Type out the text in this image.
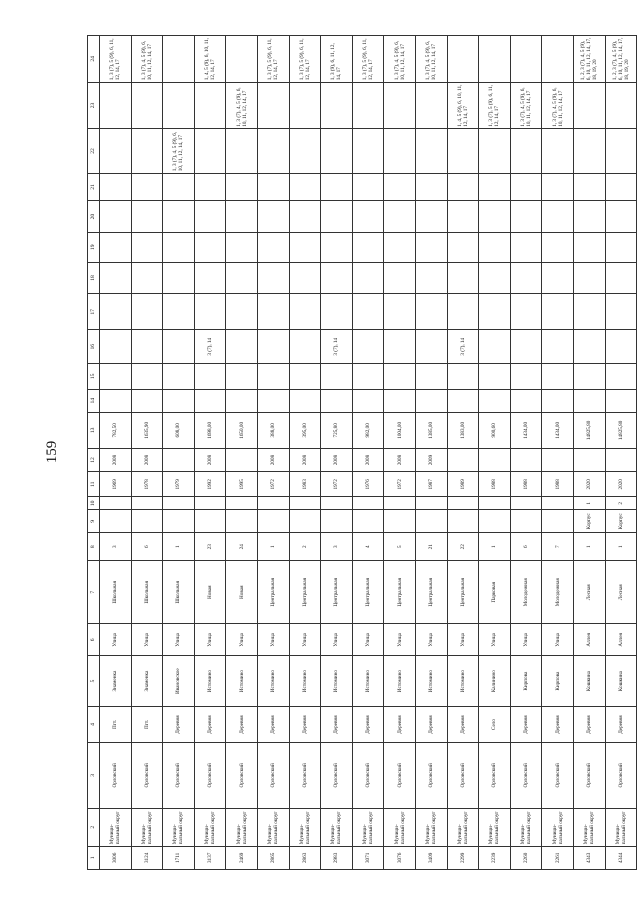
159
1	2	3	4	5	6	7	8	9	10	11	12	13	14	15	16	17	18	19	20	21	22	23	24
3006	Муници-пальный округ	Орловский	Пгт.	Знаменка	Улица	Школьная	3			1969	2008	782,50											1, 3 (7), 5 (9), 6, 11, 12, 14, 17
3124	Муници-пальный округ	Орловский	Пгт.	Знаменка	Улица	Школьная	6			1978	2008	1635,90											1, 3 (7), 4, 5 (9), 6, 10, 11, 12, 14, 17
1711	Муници-пальный округ	Орловский	Деревня	Ивановское	Улица	Школьная	1			1979		608,00									1, 3 (7), 4, 5 (9), 6, 10, 11, 12, 14, 17		
3137	Муници-пальный округ	Орловский	Деревня	Истомино	Улица	Новая	23			1992	2008	1698,00			3 (7), 14								1, 4, 5 (9), 6, 10, 11, 12, 14, 17
2469	Муници-пальный округ	Орловский	Деревня	Истомино	Улица	Новая	24			1995		1650,00										1, 3 (7), 4, 5 (9), 6, 10, 11, 12, 14, 17	
2865	Муници-пальный округ	Орловский	Деревня	Истомино	Улица	Центральная	1			1972	2008	388,00											1, 3 (7), 5 (9), 6, 11, 12, 14, 17
2863	Муници-пальный округ	Орловский	Деревня	Истомино	Улица	Центральная	2			1983	2008	395,00											1, 3 (7), 5 (9), 6, 11, 12, 14, 17
2983	Муници-пальный округ	Орловский	Деревня	Истомино	Улица	Центральная	3			1972	2008	725,80			3 (7), 14								1, 3 (9), 6, 11, 12, 14, 17
3071	Муници-пальный округ	Орловский	Деревня	Истомино	Улица	Центральная	4			1976	2008	982,00											1, 3 (7), 5 (9), 6, 11, 12, 14, 17
3076	Муници-пальный округ	Орловский	Деревня	Истомино	Улица	Центральная	5			1972	2008	1004,00											1, 3 (7), 4, 5 (9), 6, 10, 11, 12, 14, 17
3409	Муници-пальный округ	Орловский	Деревня	Истомино	Улица	Центральная	21			1987	2009	1385,00											1, 3 (7), 4, 5 (9), 6, 10, 11, 12, 14, 17
2299	Муници-пальный округ	Орловский	Деревня	Истомино	Улица	Центральная	22			1989		1383,00			3 (7), 14							1, 4, 5 (9), 6, 10, 11, 12, 14, 17	
2239	Муници-пальный округ	Орловский	Село	Калинино	Улица	Парковая	1			1988		900,60										1, 3 (7), 5 (9), 6, 11, 12, 14, 17	
2260	Муници-пальный округ	Орловский	Деревня	Кирпова	Улица	Молодежная	6			1988		1434,00										1, 3 (7), 4, 5 (9), 6, 10, 11, 12, 14, 17	
2261	Муници-пальный округ	Орловский	Деревня	Кирпова	Улица	Молодежная	7			1988		1434,00										1, 3 (7), 4, 5 (9), 6, 10, 11, 12, 14, 17	
4343	Муници-пальный округ	Орловский	Деревня	Кошкина	Аллея	Лесная	1	Корпус	1	2020		14825,80											1, 2, 3 (7), 4, 5 (9), 6, 10, 11, 12, 14, 17, 18, 19, 20
4344	Муници-пальный округ	Орловский	Деревня	Кошкина	Аллея	Лесная	1	Корпус	2	2020		14825,80											1, 2, 3 (7), 4, 5 (9), 6, 10, 11, 12, 14, 17, 18, 19, 20
